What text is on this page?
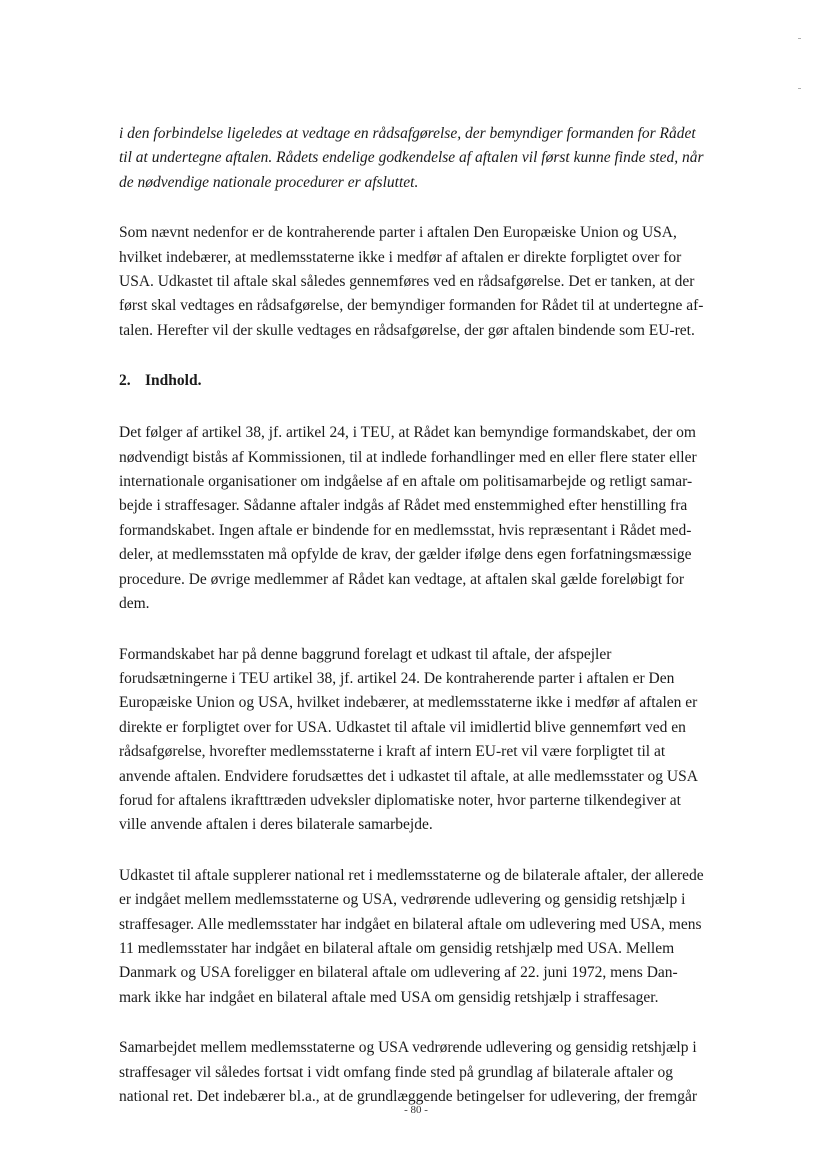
i den forbindelse ligeledes at vedtage en rådsafgørelse, der bemyndiger formanden for Rådet
til at undertegne aftalen. Rådets endelige godkendelse af aftalen vil først kunne finde sted, når
de nødvendige nationale procedurer er afsluttet.

Som nævnt nedenfor er de kontraherende parter i aftalen Den Europæiske Union og USA,
hvilket indebærer, at medlemsstaterne ikke i medfør af aftalen er direkte forpligtet over for
USA. Udkastet til aftale skal således gennemføres ved en rådsafgørelse. Det er tanken, at der
først skal vedtages en rådsafgørelse, der bemyndiger formanden for Rådet til at undertegne af-
talen. Herefter vil der skulle vedtages en rådsafgørelse, der gør aftalen bindende som EU-ret.

2. Indhold.

Det følger af artikel 38, jf. artikel 24, i TEU, at Rådet kan bemyndige formandskabet, der om
nødvendigt bistås af Kommissionen, til at indlede forhandlinger med en eller flere stater eller
internationale organisationer om indgåelse af en aftale om politisamarbejde og retligt samar-
bejde i straffesager. Sådanne aftaler indgås af Rådet med enstemmighed efter henstilling fra
formandskabet. Ingen aftale er bindende for en medlemsstat, hvis repræsentant i Rådet med-
deler, at medlemsstaten må opfylde de krav, der gælder ifølge dens egen forfatningsmæssige
procedure. De øvrige medlemmer af Rådet kan vedtage, at aftalen skal gælde foreløbigt for
dem.

Formandskabet har på denne baggrund forelagt et udkast til aftale, der afspejler
forudsætningerne i TEU artikel 38, jf. artikel 24. De kontraherende parter i aftalen er Den
Europæiske Union og USA, hvilket indebærer, at medlemsstaterne ikke i medfør af aftalen er
direkte er forpligtet over for USA. Udkastet til aftale vil imidlertid blive gennemført ved en
rådsafgørelse, hvorefter medlemsstaterne i kraft af intern EU-ret vil være forpligtet til at
anvende aftalen. Endvidere forudsættes det i udkastet til aftale, at alle medlemsstater og USA
forud for aftalens ikrafttræden udveksler diplomatiske noter, hvor parterne tilkendegiver at
ville anvende aftalen i deres bilaterale samarbejde.

Udkastet til aftale supplerer national ret i medlemsstaterne og de bilaterale aftaler, der allerede
er indgået mellem medlemsstaterne og USA, vedrørende udlevering og gensidig retshjælp i
straffesager. Alle medlemsstater har indgået en bilateral aftale om udlevering med USA, mens
11 medlemsstater har indgået en bilateral aftale om gensidig retshjælp med USA. Mellem
Danmark og USA foreligger en bilateral aftale om udlevering af 22. juni 1972, mens Dan-
mark ikke har indgået en bilateral aftale med USA om gensidig retshjælp i straffesager.

Samarbejdet mellem medlemsstaterne og USA vedrørende udlevering og gensidig retshjælp i
straffesager vil således fortsat i vidt omfang finde sted på grundlag af bilaterale aftaler og
national ret. Det indebærer bl.a., at de grundlæggende betingelser for udlevering, der fremgår

- 80 -
